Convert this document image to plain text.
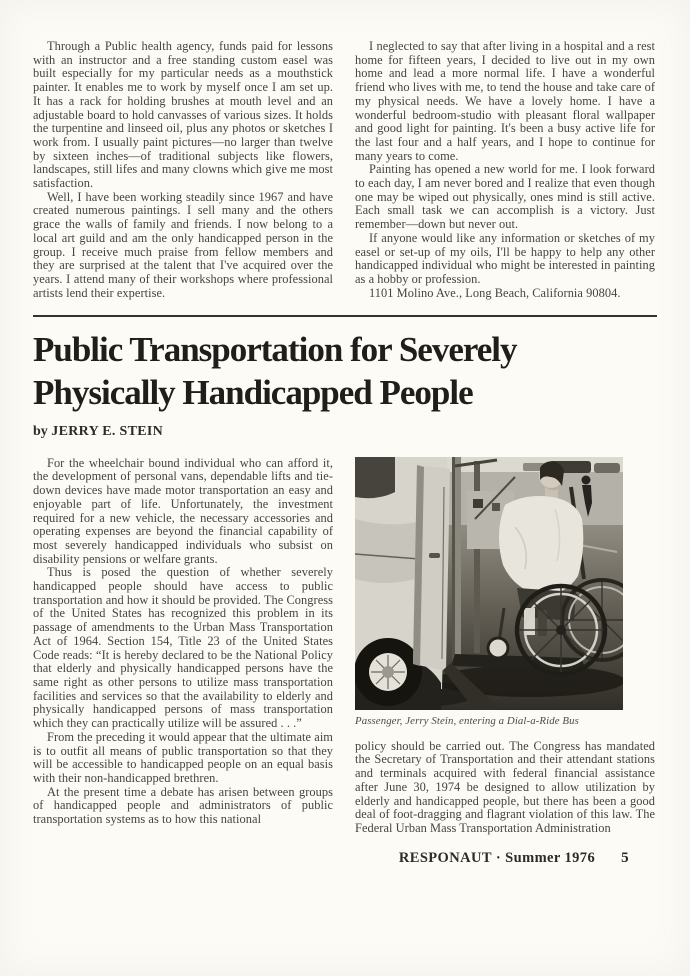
Through a Public health agency, funds paid for lessons with an instructor and a free standing custom easel was built especially for my particular needs as a mouthstick painter. It enables me to work by myself once I am set up. It has a rack for holding brushes at mouth level and an adjustable board to hold canvasses of various sizes. It holds the turpentine and linseed oil, plus any photos or sketches I work from. I usually paint pictures—no larger than twelve by sixteen inches—of traditional subjects like flowers, landscapes, still lifes and many clowns which give me most satisfaction.

Well, I have been working steadily since 1967 and have created numerous paintings. I sell many and the others grace the walls of family and friends. I now belong to a local art guild and am the only handicapped person in the group. I receive much praise from fellow members and they are surprised at the talent that I've acquired over the years. I attend many of their workshops where professional artists lend their expertise.

I neglected to say that after living in a hospital and a rest home for fifteen years, I decided to live out in my own home and lead a more normal life. I have a wonderful friend who lives with me, to tend the house and take care of my physical needs. We have a lovely home. I have a wonderful bedroom-studio with pleasant floral wallpaper and good light for painting. It's been a busy active life for the last four and a half years, and I hope to continue for many years to come.

Painting has opened a new world for me. I look forward to each day, I am never bored and I realize that even though one may be wiped out physically, ones mind is still active. Each small task we can accomplish is a victory. Just remember—down but never out.

If anyone would like any information or sketches of my easel or set-up of my oils, I'll be happy to help any other handicapped individual who might be interested in painting as a hobby or profession.

1101 Molino Ave., Long Beach, California 90804.

Public Transportation for Severely
Physically Handicapped People
by JERRY E. STEIN

For the wheelchair bound individual who can afford it, the development of personal vans, dependable lifts and tie-down devices have made motor transportation an easy and enjoyable part of life. Unfortunately, the investment required for a new vehicle, the necessary accessories and operating expenses are beyond the financial capability of most severely handicapped individuals who subsist on disability pensions or welfare grants.

Thus is posed the question of whether severely handicapped people should have access to public transportation and how it should be provided. The Congress of the United States has recognized this problem in its passage of amendments to the Urban Mass Transportation Act of 1964. Section 154, Title 23 of the United States Code reads: “It is hereby declared to be the National Policy that elderly and physically handicapped persons have the same right as other persons to utilize mass transportation facilities and services so that the availability to elderly and physically handicapped persons of mass transportation which they can practically utilize will be assured . . .”

From the preceding it would appear that the ultimate aim is to outfit all means of public transportation so that they will be accessible to handicapped people on an equal basis with their non-handicapped brethren.

At the present time a debate has arisen between groups of handicapped people and administrators of public transportation systems as to how this national

Passenger, Jerry Stein, entering a Dial-a-Ride Bus

policy should be carried out. The Congress has mandated the Secretary of Transportation and their attendant stations and terminals acquired with federal financial assistance after June 30, 1974 be designed to allow utilization by elderly and handicapped people, but there has been a good deal of foot-dragging and flagrant violation of this law. The Federal Urban Mass Transportation Administration

RESPONAUT · Summer 1976 5
